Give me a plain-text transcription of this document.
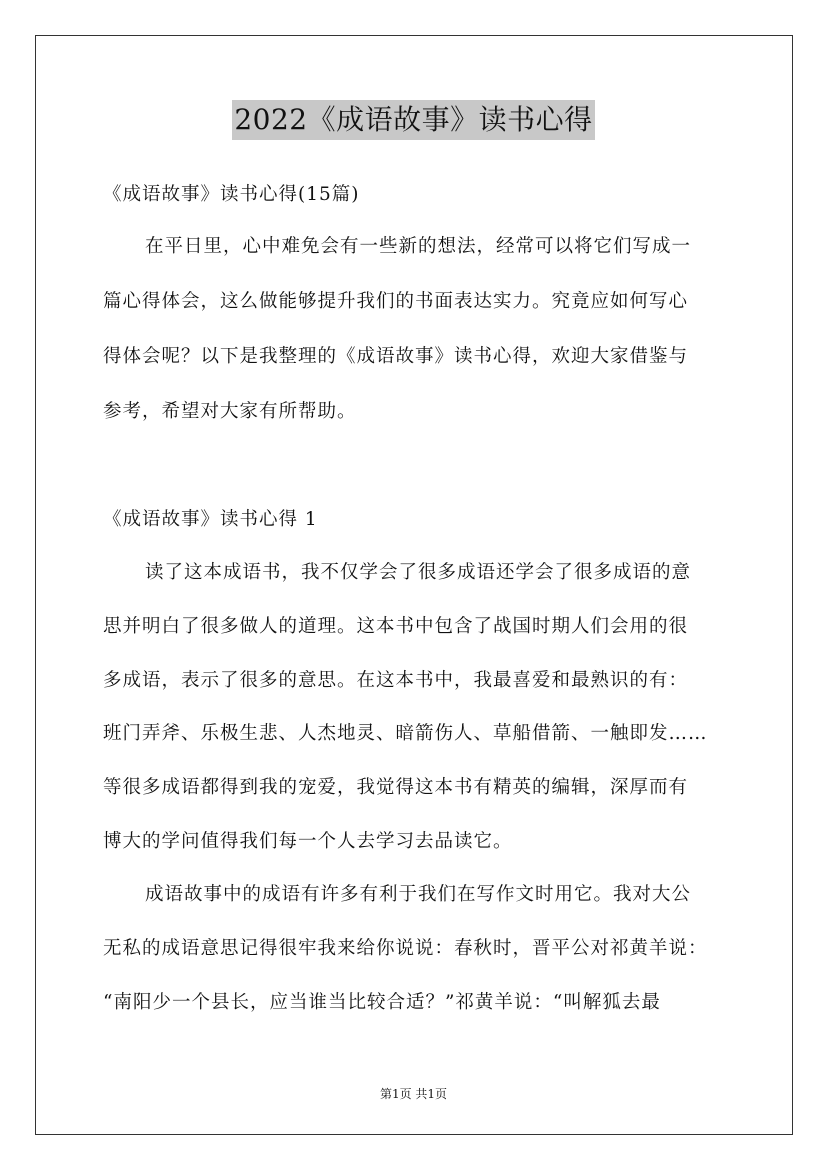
2022《成语故事》读书心得
《成语故事》读书心得(15篇)
在平日里，心中难免会有一些新的想法，经常可以将它们写成一
篇心得体会，这么做能够提升我们的书面表达实力。究竟应如何写心
得体会呢？以下是我整理的《成语故事》读书心得，欢迎大家借鉴与
参考，希望对大家有所帮助。
《成语故事》读书心得 1
读了这本成语书，我不仅学会了很多成语还学会了很多成语的意
思并明白了很多做人的道理。这本书中包含了战国时期人们会用的很
多成语，表示了很多的意思。在这本书中，我最喜爱和最熟识的有：
班门弄斧、乐极生悲、人杰地灵、暗箭伤人、草船借箭、一触即发……
等很多成语都得到我的宠爱，我觉得这本书有精英的编辑，深厚而有
博大的学问值得我们每一个人去学习去品读它。
成语故事中的成语有许多有利于我们在写作文时用它。我对大公
无私的成语意思记得很牢我来给你说说：春秋时，晋平公对祁黄羊说：
“南阳少一个县长，应当谁当比较合适？”祁黄羊说：“叫解狐去最
第1页 共1页
